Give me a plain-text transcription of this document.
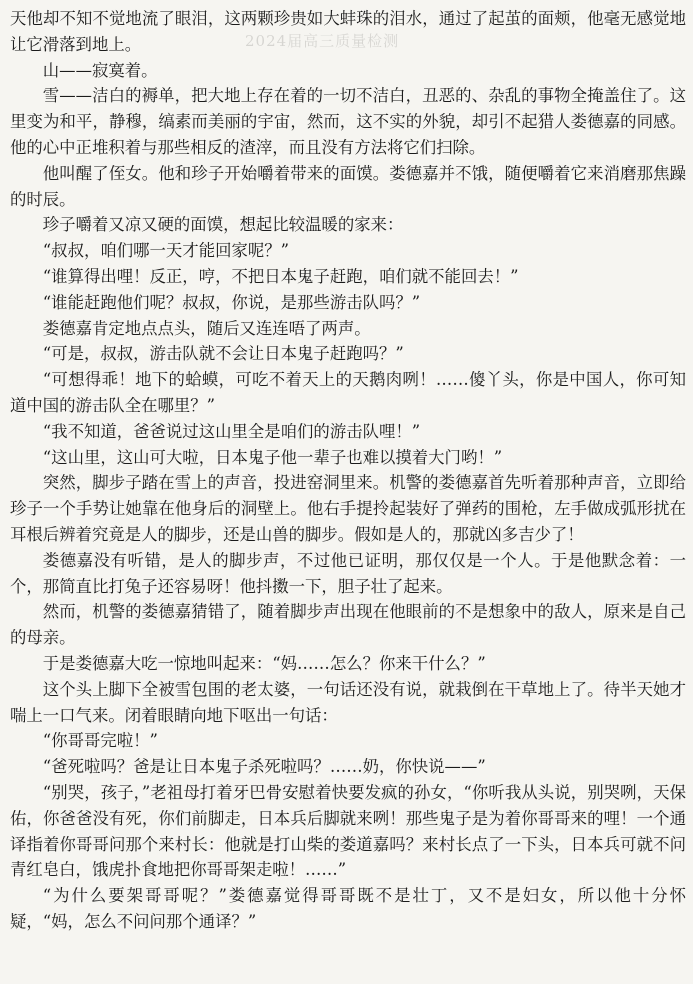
2024届高三质量检测

天他却不知不觉地流了眼泪，这两颗珍贵如大蚌珠的泪水，通过了起茧的面颊，他毫无感觉地让它滑落到地上。

山——寂寞着。

雪——洁白的褥单，把大地上存在着的一切不洁白，丑恶的、杂乱的事物全掩盖住了。这里变为和平，静穆，缟素而美丽的宇宙，然而，这不实的外貌，却引不起猎人娄德嘉的同感。他的心中正堆积着与那些相反的渣滓，而且没有方法将它们扫除。

他叫醒了侄女。他和珍子开始嚼着带来的面馍。娄德嘉并不饿，随便嚼着它来消磨那焦躁的时辰。

珍子嚼着又凉又硬的面馍，想起比较温暖的家来：

“叔叔，咱们哪一天才能回家呢？”

“谁算得出哩！反正，哼，不把日本鬼子赶跑，咱们就不能回去！”

“谁能赶跑他们呢？叔叔，你说，是那些游击队吗？”

娄德嘉肯定地点点头，随后又连连唔了两声。

“可是，叔叔，游击队就不会让日本鬼子赶跑吗？”

“可想得乖！地下的蛤蟆，可吃不着天上的天鹅肉咧！……傻丫头，你是中国人，你可知道中国的游击队全在哪里？”

“我不知道，爸爸说过这山里全是咱们的游击队哩！”

“这山里，这山可大啦，日本鬼子他一辈子也难以摸着大门哟！”

突然，脚步子踏在雪上的声音，投进窑洞里来。机警的娄德嘉首先听着那种声音，立即给珍子一个手势让她靠在他身后的洞壁上。他右手提拎起装好了弹药的围枪，左手做成弧形扰在耳根后辨着究竟是人的脚步，还是山兽的脚步。假如是人的，那就凶多吉少了！

娄德嘉没有听错，是人的脚步声，不过他已证明，那仅仅是一个人。于是他默念着：一个，那简直比打兔子还容易呀！他抖擞一下，胆子壮了起来。

然而，机警的娄德嘉猜错了，随着脚步声出现在他眼前的不是想象中的敌人，原来是自己的母亲。

于是娄德嘉大吃一惊地叫起来：“妈……怎么？你来干什么？”

这个头上脚下全被雪包围的老太婆，一句话还没有说，就栽倒在干草地上了。待半天她才喘上一口气来。闭着眼睛向地下呕出一句话：

“你哥哥完啦！”

“爸死啦吗？爸是让日本鬼子杀死啦吗？……奶，你快说——”

“别哭，孩子，”老祖母打着牙巴骨安慰着快要发疯的孙女，“你听我从头说，别哭咧，天保佑，你爸爸没有死，你们前脚走，日本兵后脚就来咧！那些鬼子是为着你哥哥来的哩！一个通译指着你哥哥问那个来村长：他就是打山柴的娄道嘉吗？来村长点了一下头，日本兵可就不问青红皂白，饿虎扑食地把你哥哥架走啦！……”

“为什么要架哥哥呢？”娄德嘉觉得哥哥既不是壮丁，又不是妇女，所以他十分怀疑，“妈，怎么不问问那个通译？”
